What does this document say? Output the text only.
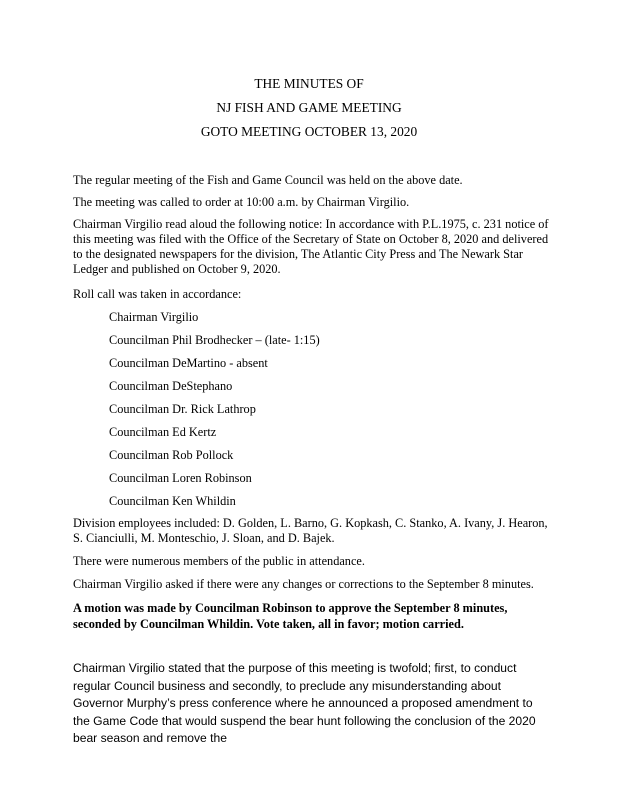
THE MINUTES OF
NJ FISH AND GAME MEETING
GOTO MEETING OCTOBER 13, 2020
The regular meeting of the Fish and Game Council was held on the above date.
The meeting was called to order at 10:00 a.m. by Chairman Virgilio.
Chairman Virgilio read aloud the following notice: In accordance with P.L.1975, c. 231 notice of this meeting was filed with the Office of the Secretary of State on October 8, 2020 and delivered to the designated newspapers for the division, The Atlantic City Press and The Newark Star Ledger and published on October 9, 2020.
Roll call was taken in accordance:
Chairman Virgilio
Councilman Phil Brodhecker – (late- 1:15)
Councilman DeMartino - absent
Councilman DeStephano
Councilman Dr. Rick Lathrop
Councilman Ed Kertz
Councilman Rob Pollock
Councilman Loren Robinson
Councilman Ken Whildin
Division employees included: D. Golden, L. Barno, G. Kopkash, C. Stanko, A. Ivany, J. Hearon, S. Cianciulli, M. Monteschio, J. Sloan, and D. Bajek.
There were numerous members of the public in attendance.
Chairman Virgilio asked if there were any changes or corrections to the September 8 minutes.
A motion was made by Councilman Robinson to approve the September 8 minutes, seconded by Councilman Whildin. Vote taken, all in favor; motion carried.
Chairman Virgilio stated that the purpose of this meeting is twofold; first, to conduct regular Council business and secondly, to preclude any misunderstanding about Governor Murphy’s press conference where he announced a proposed amendment to the Game Code that would suspend the bear hunt following the conclusion of the 2020 bear season and remove the
